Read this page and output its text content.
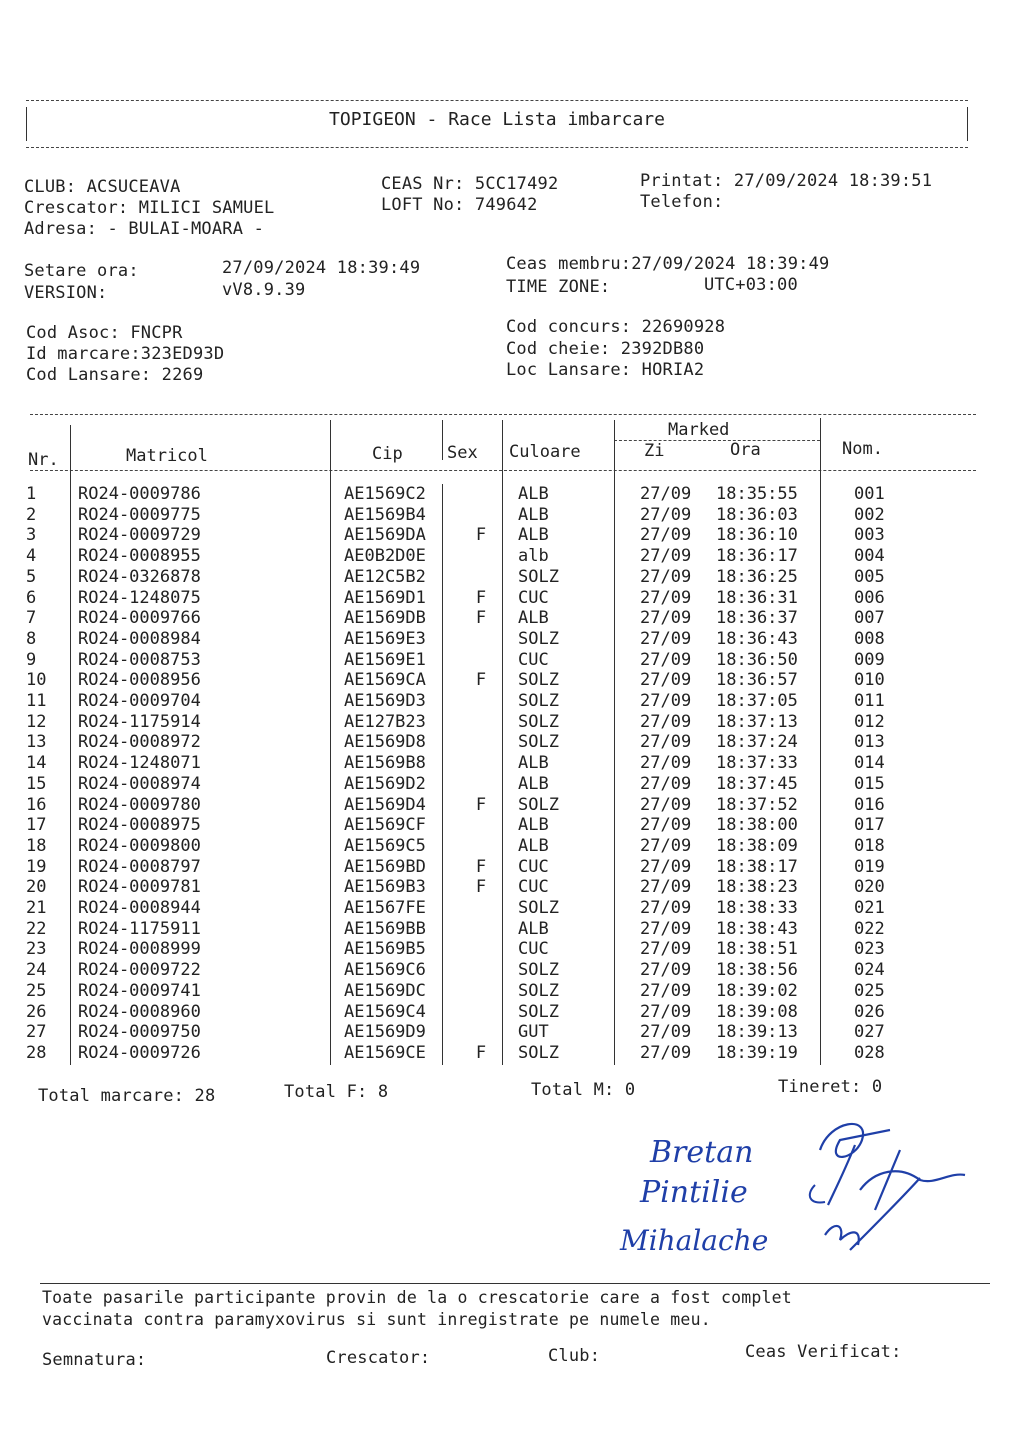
TOPIGEON - Race Lista imbarcare
CLUB: ACSUCEAVA
Crescator: MILICI SAMUEL
Adresa: - BULAI-MOARA -
CEAS Nr: 5CC17492
LOFT No: 749642
Printat: 27/09/2024 18:39:51
Telefon:
Setare ora:	27/09/2024 18:39:49
VERSION:	vV8.9.39
Ceas membru:27/09/2024 18:39:49
TIME ZONE:	UTC+03:00
Cod Asoc: FNCPR
Id marcare:323ED93D
Cod Lansare: 2269
Cod concurs: 22690928
Cod cheie: 2392DB80
Loc Lansare: HORIA2
Nr.	Matricol	Cip	Sex Culoare
Marked
Zi	Ora	Nom.
1	RO24-0009786	AE1569C2		ALB	27/09	18:35:55	001
2	RO24-0009775	AE1569B4		ALB	27/09	18:36:03	002
3	RO24-0009729	AE1569DA	F	ALB	27/09	18:36:10	003
4	RO24-0008955	AE0B2D0E		alb	27/09	18:36:17	004
5	RO24-0326878	AE12C5B2		SOLZ	27/09	18:36:25	005
6	RO24-1248075	AE1569D1	F	CUC	27/09	18:36:31	006
7	RO24-0009766	AE1569DB	F	ALB	27/09	18:36:37	007
8	RO24-0008984	AE1569E3		SOLZ	27/09	18:36:43	008
9	RO24-0008753	AE1569E1		CUC	27/09	18:36:50	009
10	RO24-0008956	AE1569CA	F	SOLZ	27/09	18:36:57	010
11	RO24-0009704	AE1569D3		SOLZ	27/09	18:37:05	011
12	RO24-1175914	AE127B23		SOLZ	27/09	18:37:13	012
13	RO24-0008972	AE1569D8		SOLZ	27/09	18:37:24	013
14	RO24-1248071	AE1569B8		ALB	27/09	18:37:33	014
15	RO24-0008974	AE1569D2		ALB	27/09	18:37:45	015
16	RO24-0009780	AE1569D4	F	SOLZ	27/09	18:37:52	016
17	RO24-0008975	AE1569CF		ALB	27/09	18:38:00	017
18	RO24-0009800	AE1569C5		ALB	27/09	18:38:09	018
19	RO24-0008797	AE1569BD	F	CUC	27/09	18:38:17	019
20	RO24-0009781	AE1569B3	F	CUC	27/09	18:38:23	020
21	RO24-0008944	AE1567FE		SOLZ	27/09	18:38:33	021
22	RO24-1175911	AE1569BB		ALB	27/09	18:38:43	022
23	RO24-0008999	AE1569B5		CUC	27/09	18:38:51	023
24	RO24-0009722	AE1569C6		SOLZ	27/09	18:38:56	024
25	RO24-0009741	AE1569DC		SOLZ	27/09	18:39:02	025
26	RO24-0008960	AE1569C4		SOLZ	27/09	18:39:08	026
27	RO24-0009750	AE1569D9		GUT	27/09	18:39:13	027
28	RO24-0009726	AE1569CE	F	SOLZ	27/09	18:39:19	028
Total marcare: 28	Total F: 8	Total M: 0	Tineret: 0
Bretan
Pintilie
Mihalache
Toate pasarile participante provin de la o crescatorie care a fost complet
vaccinata contra paramyxovirus si sunt inregistrate pe numele meu.
Semnatura:	Crescator:	Club:	Ceas Verificat:
